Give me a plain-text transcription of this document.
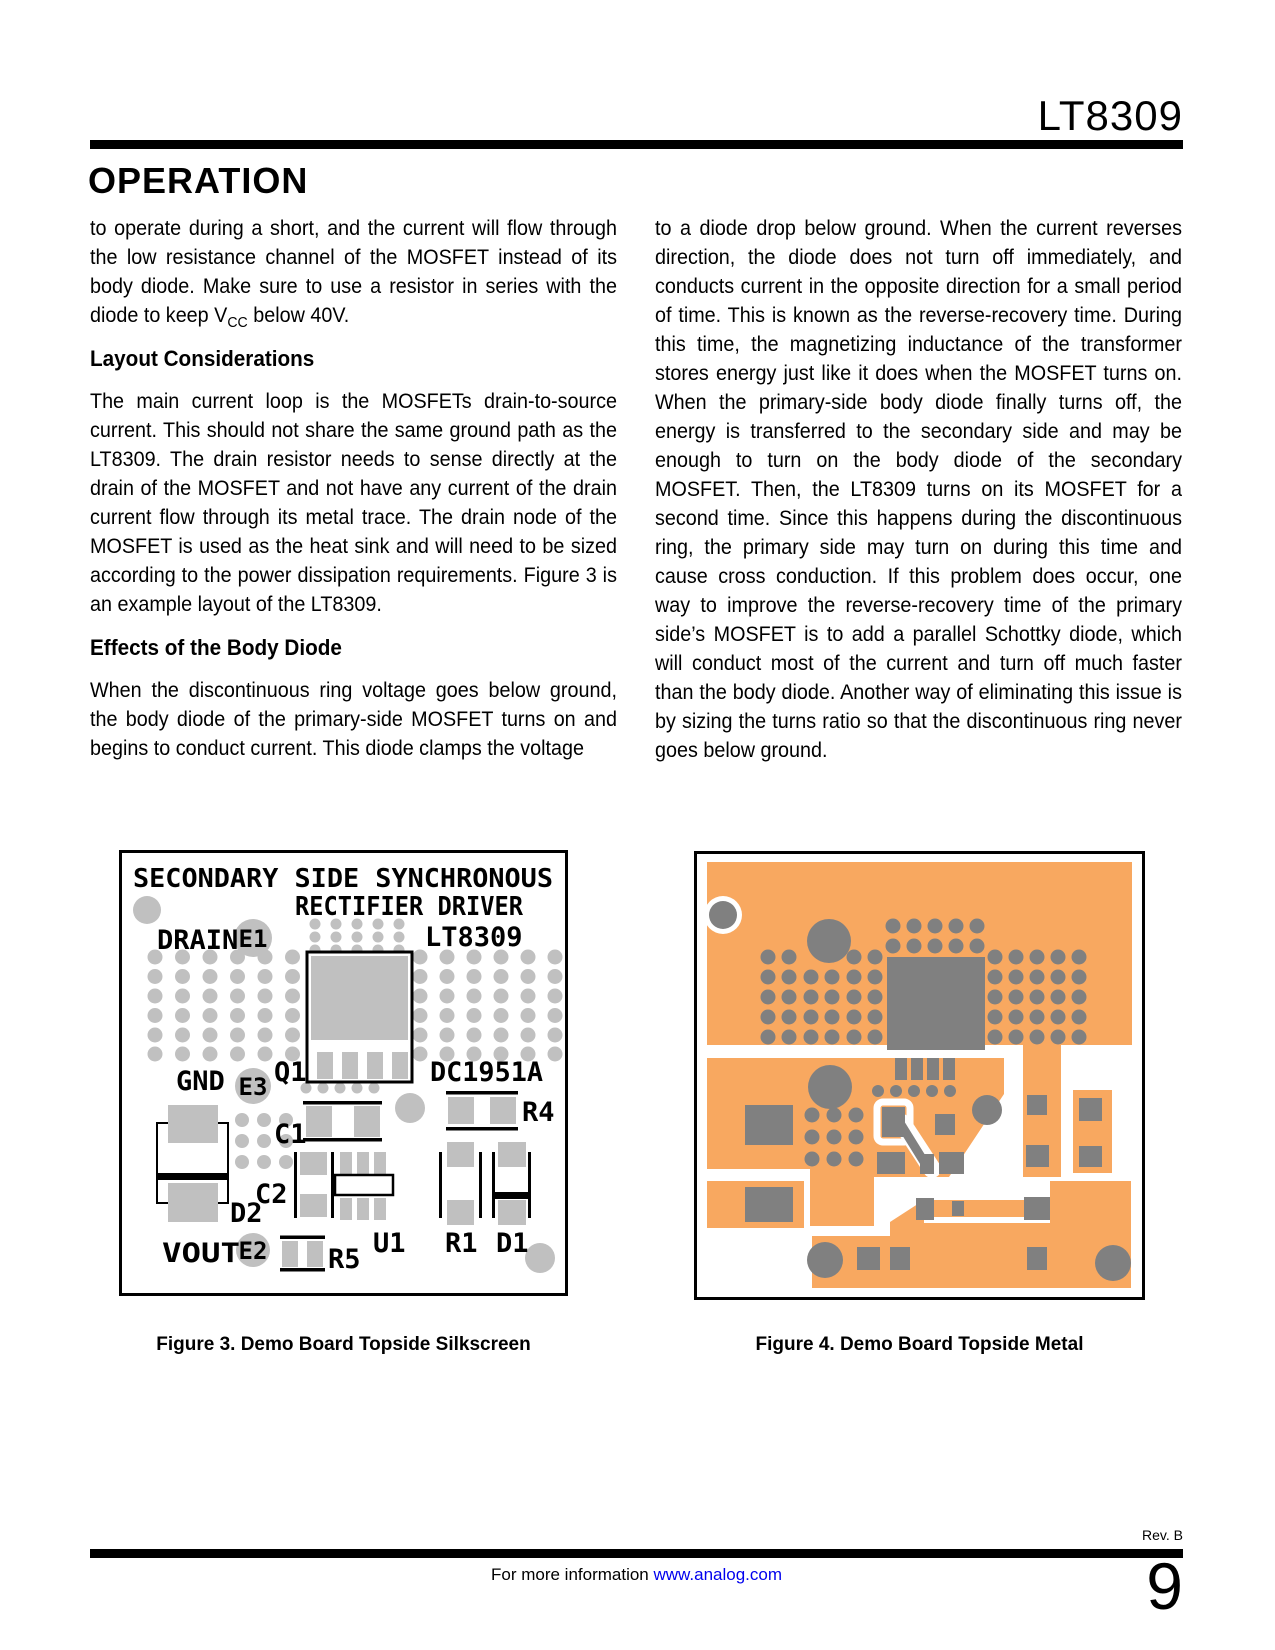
LT8309
OPERATION

to operate during a short, and the current will flow through the low resistance channel of the MOSFET instead of its body diode. Make sure to use a resistor in series with the diode to keep $V_{CC}$ below 40V.

Layout Considerations

The main current loop is the MOSFETs drain-to-source current. This should not share the same ground path as the LT8309. The drain resistor needs to sense directly at the drain of the MOSFET and not have any current of the drain current flow through its metal trace. The drain node of the MOSFET is used as the heat sink and will need to be sized according to the power dissipation requirements. Figure 3 is an example layout of the LT8309.

Effects of the Body Diode

When the discontinuous ring voltage goes below ground, the body diode of the primary-side MOSFET turns on and begins to conduct current. This diode clamps the voltage

to a diode drop below ground. When the current reverses direction, the diode does not turn off immediately, and conducts current in the opposite direction for a small period of time. This is known as the reverse-recovery time. During this time, the magnetizing inductance of the transformer stores energy just like it does when the MOSFET turns on. When the primary-side body diode finally turns off, the energy is transferred to the secondary side and may be enough to turn on the body diode of the secondary MOSFET. Then, the LT8309 turns on its MOSFET for a second time. Since this happens during the discontinuous ring, the primary side may turn on during this time and cause cross conduction. If this problem does occur, one way to improve the reverse-recovery time of the primary side’s MOSFET is to add a parallel Schottky diode, which will conduct most of the current and turn off much faster than the body diode. Another way of eliminating this issue is by sizing the turns ratio so that the discontinuous ring never goes below ground.

SECONDARY SIDE SYNCHRONOUS
RECTIFIER DRIVER
DRAIN E1	LT8309
GND E3 Q1	DC1951A
R4
C1
C2
D2
VOUT
E2 R5
U1 R1 D1
Figure 3. Demo Board Topside Silkscreen	Figure 4. Demo Board Topside Metal
Rev. B
For more information www.analog.com	9
